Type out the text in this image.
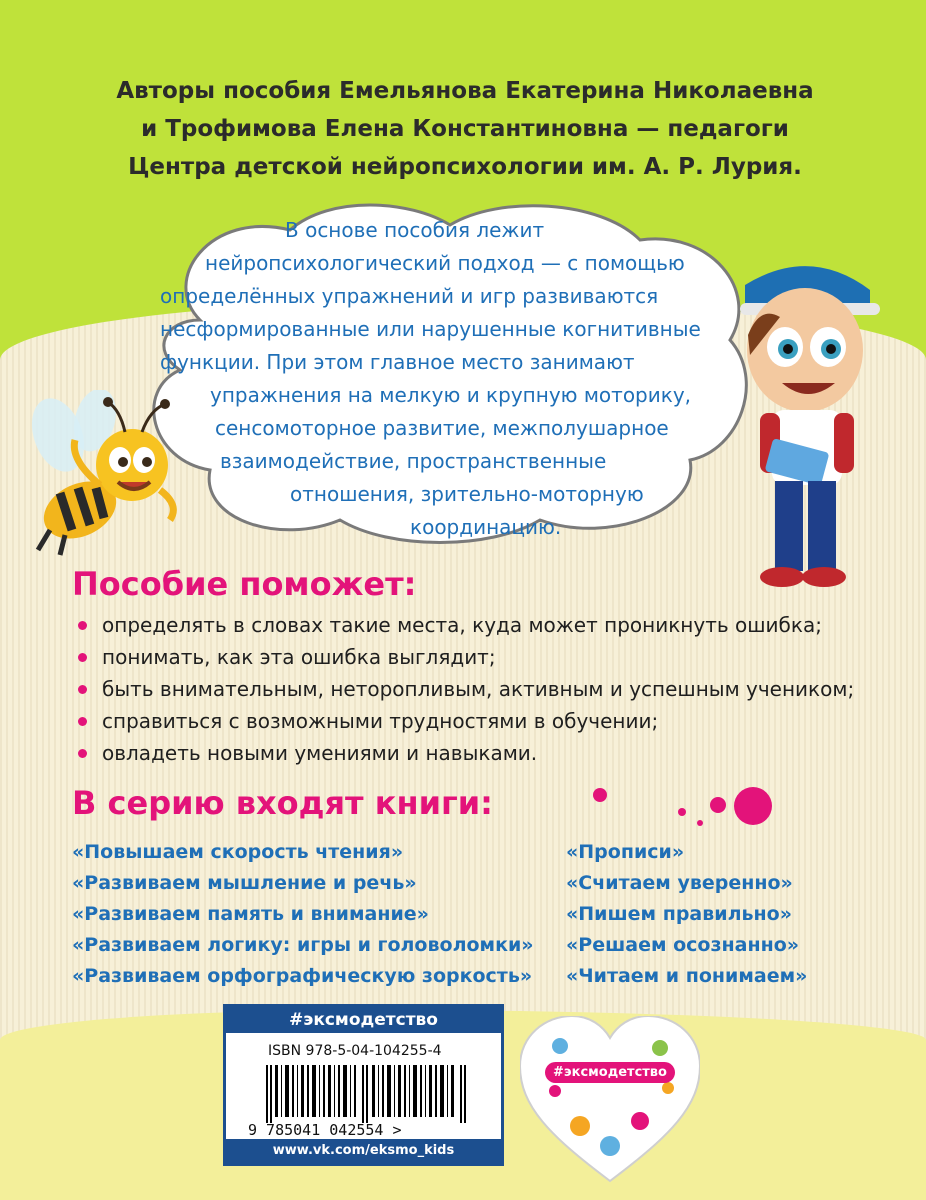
Авторы пособия Емельянова Екатерина Николаевна
и Трофимова Елена Константиновна — педагоги
Центра детской нейропсихологии им. А. Р. Лурия.

В основе пособия лежит
нейропсихологический подход — с помощью
определённых упражнений и игр развиваются
несформированные или нарушенные когнитивные
функции. При этом главное место занимают
упражнения на мелкую и крупную моторику,
сенсомоторное развитие, межполушарное
взаимодействие, пространственные
отношения, зрительно-моторную
координацию.
Пособие поможет:
определять в словах такие места, куда может проникнуть ошибка;
понимать, как эта ошибка выглядит;
быть внимательным, неторопливым, активным и успешным учеником;
справиться с возможными трудностями в обучении;
овладеть новыми умениями и навыками.
В серию входят книги:
«Повышаем скорость чтения»
«Развиваем мышление и речь»
«Развиваем память и внимание»
«Развиваем логику: игры и головоломки»
«Развиваем орфографическую зоркость»
«Прописи»
«Считаем уверенно»
«Пишем правильно»
«Решаем осознанно»
«Читаем и понимаем»
#эксмодетство
ISBN 978-5-04-104255-4
9 785041 042554 >
www.vk.com/eksmo_kids
#эксмодетство
